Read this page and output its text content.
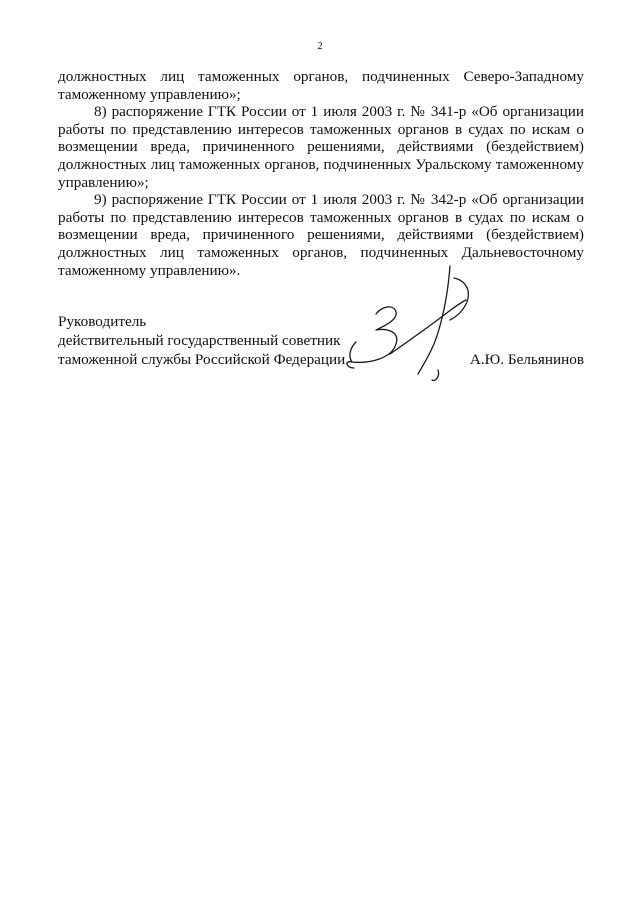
2

должностных лиц таможенных органов, подчиненных Северо-Западному
таможенному управлению»;

8) распоряжение ГТК России от 1 июля 2003 г. № 341-р «Об организации
работы по представлению интересов таможенных органов в судах по искам о
возмещении вреда, причиненного решениями, действиями (бездействием)
должностных лиц таможенных органов, подчиненных Уральскому таможенному
управлению»;

9) распоряжение ГТК России от 1 июля 2003 г. № 342-р «Об организации
работы по представлению интересов таможенных органов в судах по искам о
возмещении вреда, причиненного решениями, действиями (бездействием)
должностных лиц таможенных органов, подчиненных Дальневосточному
таможенному управлению».

Руководитель
действительный государственный советник
таможенной службы Российской Федерации	А.Ю. Бельянинов
